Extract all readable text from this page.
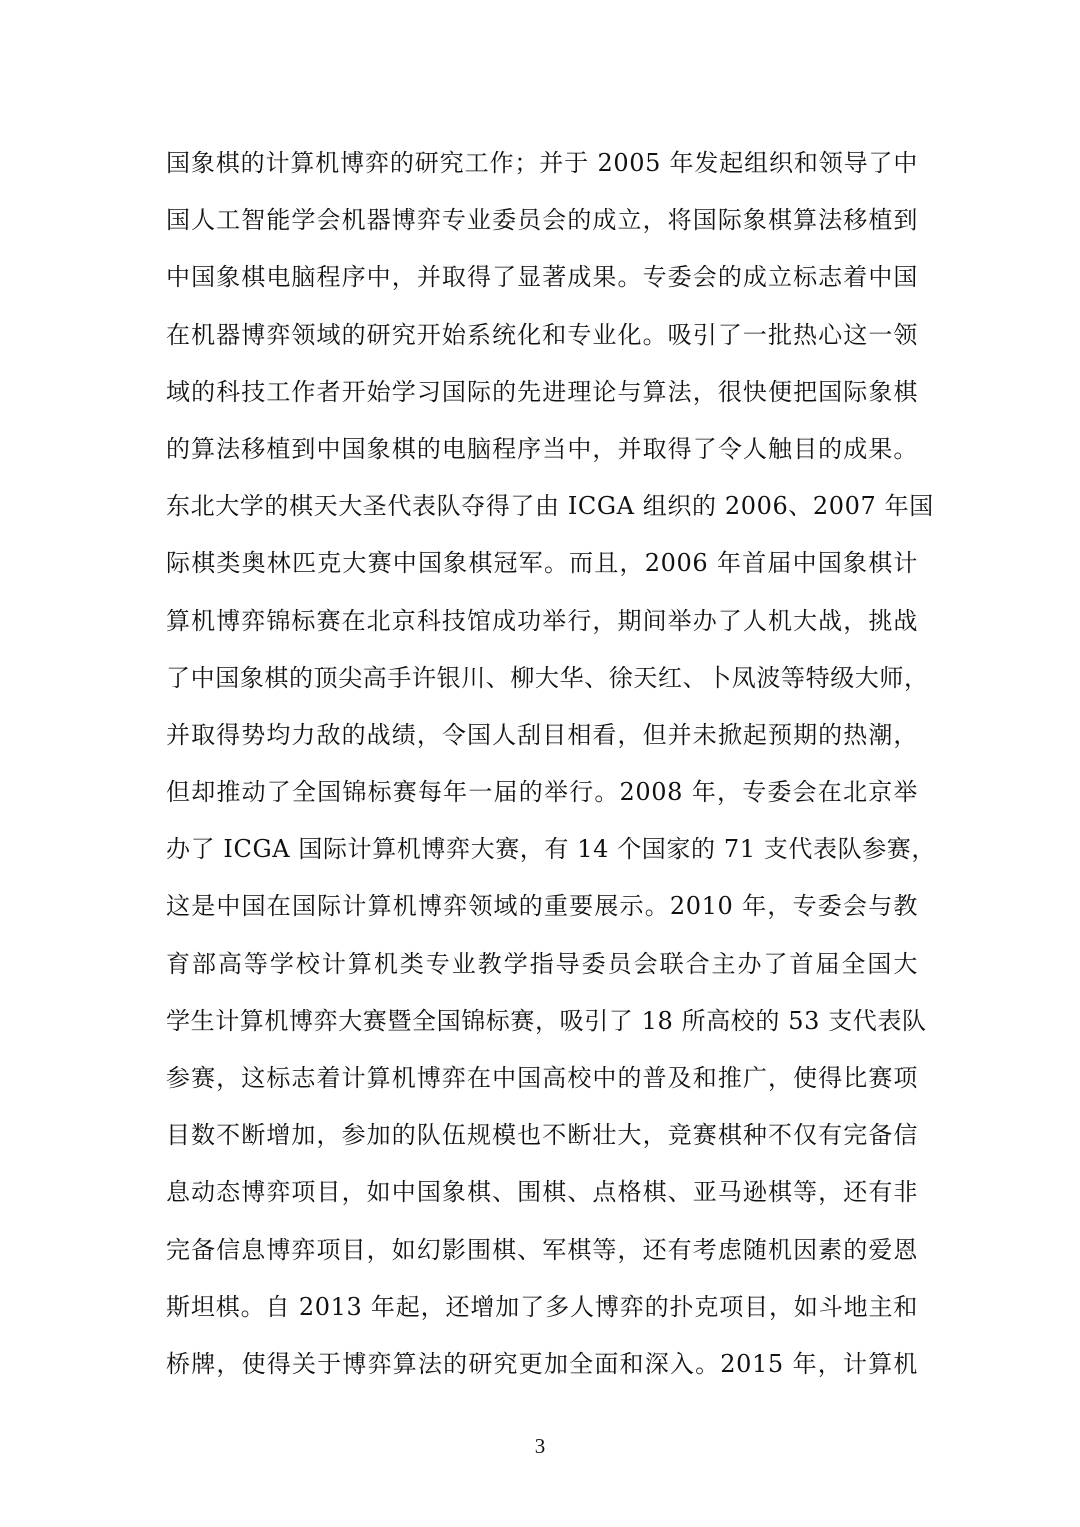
国象棋的计算机博弈的研究工作；并于 2005 年发起组织和领导了中
国人工智能学会机器博弈专业委员会的成立，将国际象棋算法移植到
中国象棋电脑程序中，并取得了显著成果。专委会的成立标志着中国
在机器博弈领域的研究开始系统化和专业化。吸引了一批热心这一领
域的科技工作者开始学习国际的先进理论与算法，很快便把国际象棋
的算法移植到中国象棋的电脑程序当中，并取得了令人触目的成果。
东北大学的棋天大圣代表队夺得了由 ICGA 组织的 2006、2007 年国
际棋类奥林匹克大赛中国象棋冠军。而且，2006 年首届中国象棋计
算机博弈锦标赛在北京科技馆成功举行，期间举办了人机大战，挑战
了中国象棋的顶尖高手许银川、柳大华、徐天红、卜凤波等特级大师，
并取得势均力敌的战绩，令国人刮目相看，但并未掀起预期的热潮，
但却推动了全国锦标赛每年一届的举行。2008 年，专委会在北京举
办了 ICGA 国际计算机博弈大赛，有 14 个国家的 71 支代表队参赛，
这是中国在国际计算机博弈领域的重要展示。2010 年，专委会与教
育部高等学校计算机类专业教学指导委员会联合主办了首届全国大
学生计算机博弈大赛暨全国锦标赛，吸引了 18 所高校的 53 支代表队
参赛，这标志着计算机博弈在中国高校中的普及和推广，使得比赛项
目数不断增加，参加的队伍规模也不断壮大，竞赛棋种不仅有完备信
息动态博弈项目，如中国象棋、围棋、点格棋、亚马逊棋等，还有非
完备信息博弈项目，如幻影围棋、军棋等，还有考虑随机因素的爱恩
斯坦棋。自 2013 年起，还增加了多人博弈的扑克项目，如斗地主和
桥牌，使得关于博弈算法的研究更加全面和深入。2015 年，计算机
3
